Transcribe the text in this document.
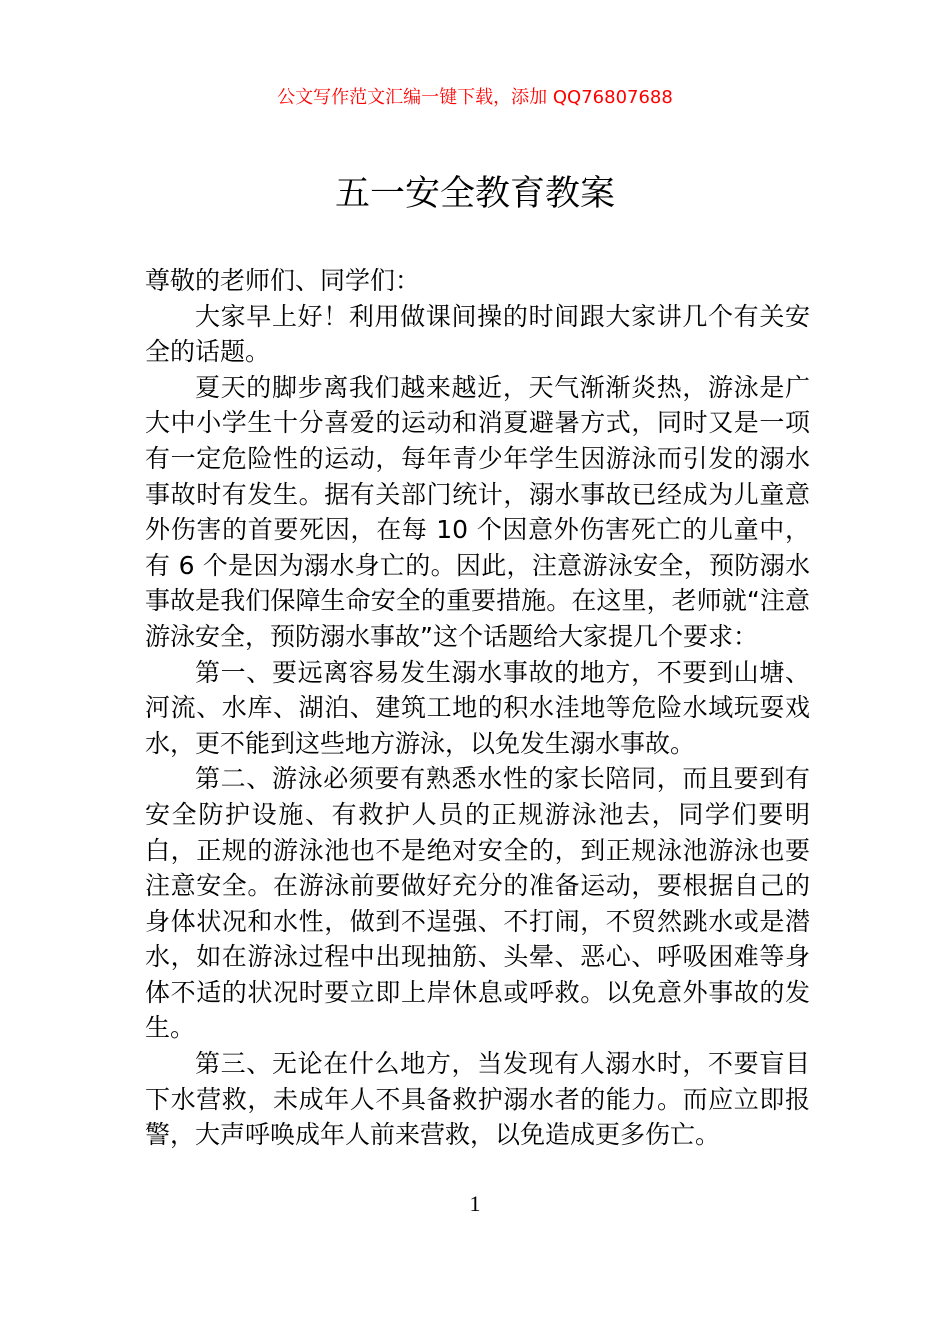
公文写作范文汇编一键下载，添加 QQ76807688
五一安全教育教案

尊敬的老师们、同学们：

大家早上好！利用做课间操的时间跟大家讲几个有关安全的话题。

夏天的脚步离我们越来越近，天气渐渐炎热，游泳是广大中小学生十分喜爱的运动和消夏避暑方式，同时又是一项有一定危险性的运动，每年青少年学生因游泳而引发的溺水事故时有发生。据有关部门统计，溺水事故已经成为儿童意外伤害的首要死因，在每 10 个因意外伤害死亡的儿童中，有 6 个是因为溺水身亡的。因此，注意游泳安全，预防溺水事故是我们保障生命安全的重要措施。在这里，老师就“注意游泳安全，预防溺水事故”这个话题给大家提几个要求：

第一、要远离容易发生溺水事故的地方，不要到山塘、河流、水库、湖泊、建筑工地的积水洼地等危险水域玩耍戏水，更不能到这些地方游泳，以免发生溺水事故。

第二、游泳必须要有熟悉水性的家长陪同，而且要到有安全防护设施、有救护人员的正规游泳池去，同学们要明白，正规的游泳池也不是绝对安全的，到正规泳池游泳也要注意安全。在游泳前要做好充分的准备运动，要根据自己的身体状况和水性，做到不逞强、不打闹，不贸然跳水或是潜水，如在游泳过程中出现抽筋、头晕、恶心、呼吸困难等身体不适的状况时要立即上岸休息或呼救。以免意外事故的发生。

第三、无论在什么地方，当发现有人溺水时，不要盲目下水营救，未成年人不具备救护溺水者的能力。而应立即报警，大声呼唤成年人前来营救，以免造成更多伤亡。

1
